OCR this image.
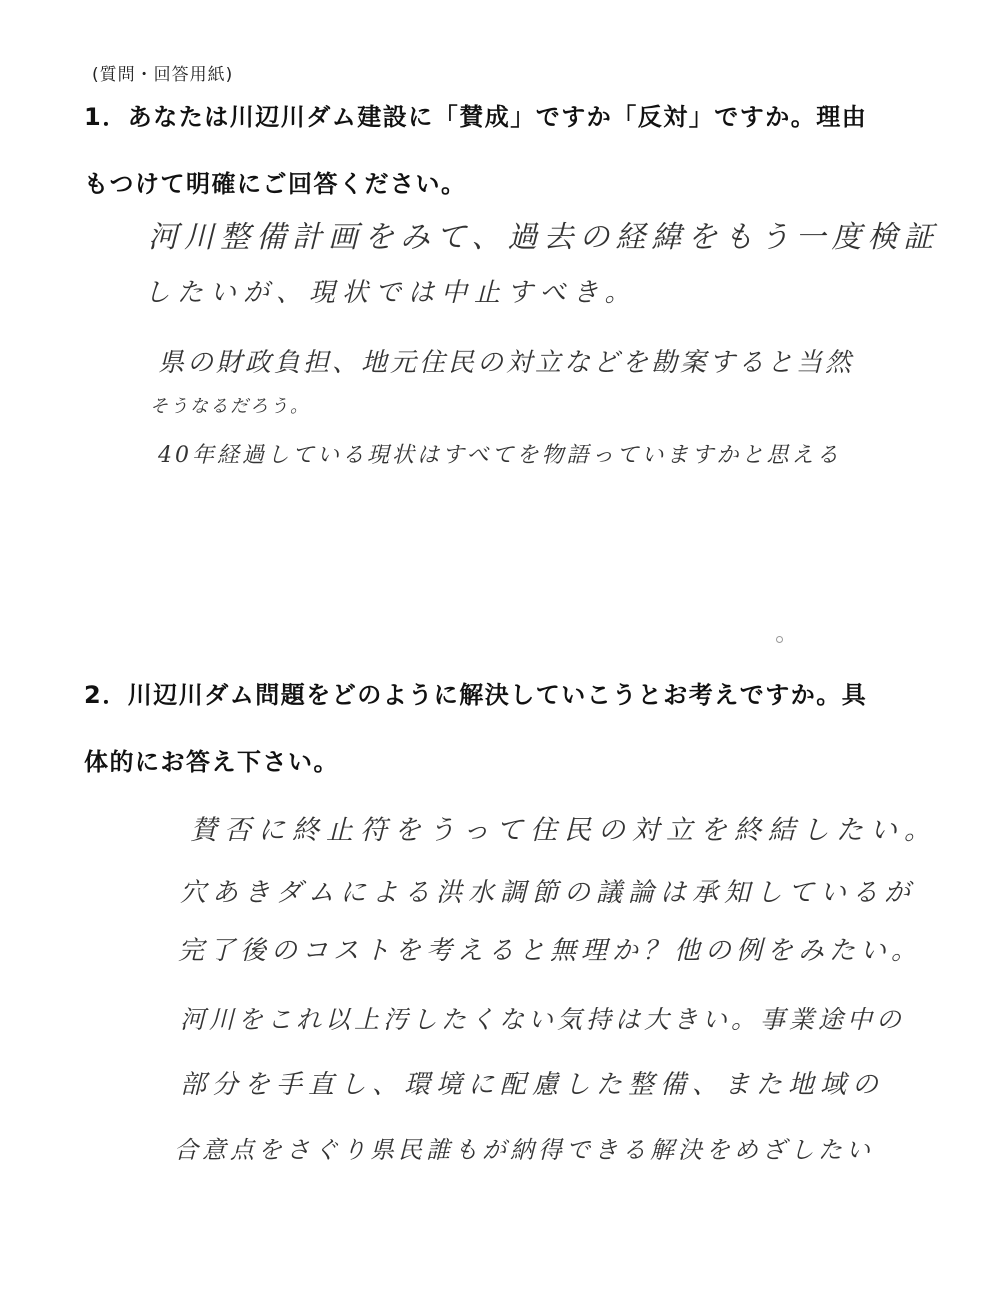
(質問・回答用紙)
1．あなたは川辺川ダム建設に「賛成」ですか「反対」ですか。理由
もつけて明確にご回答ください。
河川整備計画をみて、過去の経緯をもう一度検証
したいが、現状では中止すべき。
県の財政負担、地元住民の対立などを勘案すると当然
そうなるだろう。
40年経過している現状はすべてを物語っていますかと思える
2．川辺川ダム問題をどのように解決していこうとお考えですか。具
体的にお答え下さい。
賛否に終止符をうって住民の対立を終結したい。
穴あきダムによる洪水調節の議論は承知しているが
完了後のコストを考えると無理か？他の例をみたい。
河川をこれ以上汚したくない気持は大きい。事業途中の
部分を手直し、環境に配慮した整備、また地域の
合意点をさぐり県民誰もが納得できる解決をめざしたい
